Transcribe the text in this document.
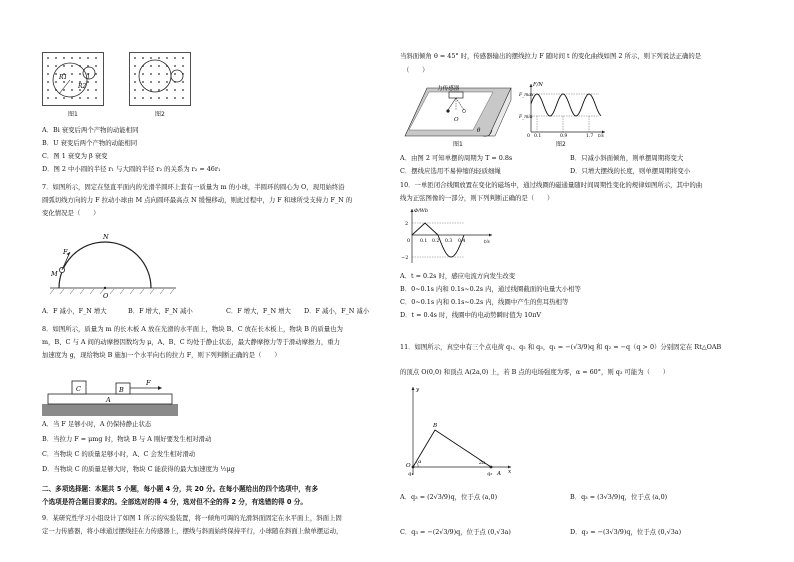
R1
R2
图1	图2
A．Bi 衰变后两个产物的动能相同
B．U 衰变后两个产物的动能相同
C．图 1 衰变为 β 衰变
D．图 2 中小圆的半径 r₁ 与大圆的半径 r₂ 的关系为 r₂ = 46r₁
7．如图所示，固定在竖直平面内的光滑半圆环上套有一质量为 m 的小球，半圆环的圆心为 O，现用始终沿
圆弧切线方向的力 F 拉动小球由 M 点向圆环最高点 N 缓慢移动，则此过程中，力 F 和球所受支持力 F_N 的
变化情况是（　　）
F
N
M
O
A．F 减小，F_N 增大	B．F 增大，F_N 减小	C．F 增大，F_N 增大 D．F 减小，F_N 减小
8．如图所示，质量为 m 的长木板 A 放在光滑的水平面上，物块 B、C 放在长木板上，物块 B 的质量也为
m，B、C 与 A 间的动摩擦因数均为 μ，A、B、C 均处于静止状态，最大静摩擦力等于滑动摩擦力，重力
加速度为 g，现给物块 B 施加一个水平向右的拉力 F，则下列判断正确的是（　　）
C	B
A
F
A．当 F 足够小时，A 仍保持静止状态
B．当拉力 F = μmg 时，物块 B 与 A 刚好要发生相对滑动
C．当物块 C 的质量足够小时，A、C 会发生相对滑动
D．当物块 C 的质量足够大时，物块 C 能获得的最大加速度为 ½μg
二、多项选择题：本题共 5 小题，每小题 4 分，共 20 分。在每小题给出的四个选项中，有多
个选项是符合题目要求的。全部选对的得 4 分，选对但不全的得 2 分，有选错的得 0 分。
9．某研究性学习小组设计了如图 1 所示的实验装置，将一倾角可调的光滑斜面固定在水平面上，斜面上固
定一力传感器，将小球通过摆线挂在力传感器上，摆线与斜面始终保持平行，小球随在斜面上做单摆运动，
当斜面倾角 θ = 45° 时，传感器输出的摆线拉力 F 随时间 t 的变化曲线如图 2 所示，则下列说法正确的是
（　　）
力传感器
O
θ
图1
F/N
F_max
F_min
0 0.1	0.9	1.7 t/s
图2
A．由图 2 可知单摆的周期为 T = 0.8s	B．只减小斜面倾角，则单摆周期将变大
C．摆线应选用不易伸缩的轻质细绳	D．只增大摆线的长度，则单摆周期将变小
10．一单匝闭合线圈放置在变化的磁场中，通过线圈的磁通量随时间周期性变化的规律如图所示，其中的曲
线为正弦图像的一部分，则下列判断正确的是（　　）
Φ/Wb
2
−2
0 0.1 0.2 0.3 0.4	t/s
A．t = 0.2s 时，感应电流方向发生改变
B．0~0.1s 内和 0.1s~0.2s 内，通过线圈截面的电量大小相等
C．0~0.1s 内和 0.1s~0.2s 内，线圈中产生的焦耳热相等
D．t = 0.4s 时，线圈中的电动势瞬时值为 10πV
11．如图所示，真空中有三个点电荷 q₁、q₂ 和 q₃，q₁ = −(√3/9)q 和 q₂ = −q（q > 0）分别固定在 Rt△OAB
的顶点 O(0,0) 和顶点 A(2a,0) 上，若 B 点的电场强度为零，α = 60°，则 q₃ 可能为（　　）
y
B
α
O
q₁
2a
q₂ A x
A．q₃ = (2√3/9)q，位于点 (a,0)	B．q₃ = (3√3/9)q，位于点 (a,0)
C．q₃ = −(2√3/9)q，位于点 (0,√3a)	D．q₃ = −(3√3/9)q，位于点 (0,√3a)
